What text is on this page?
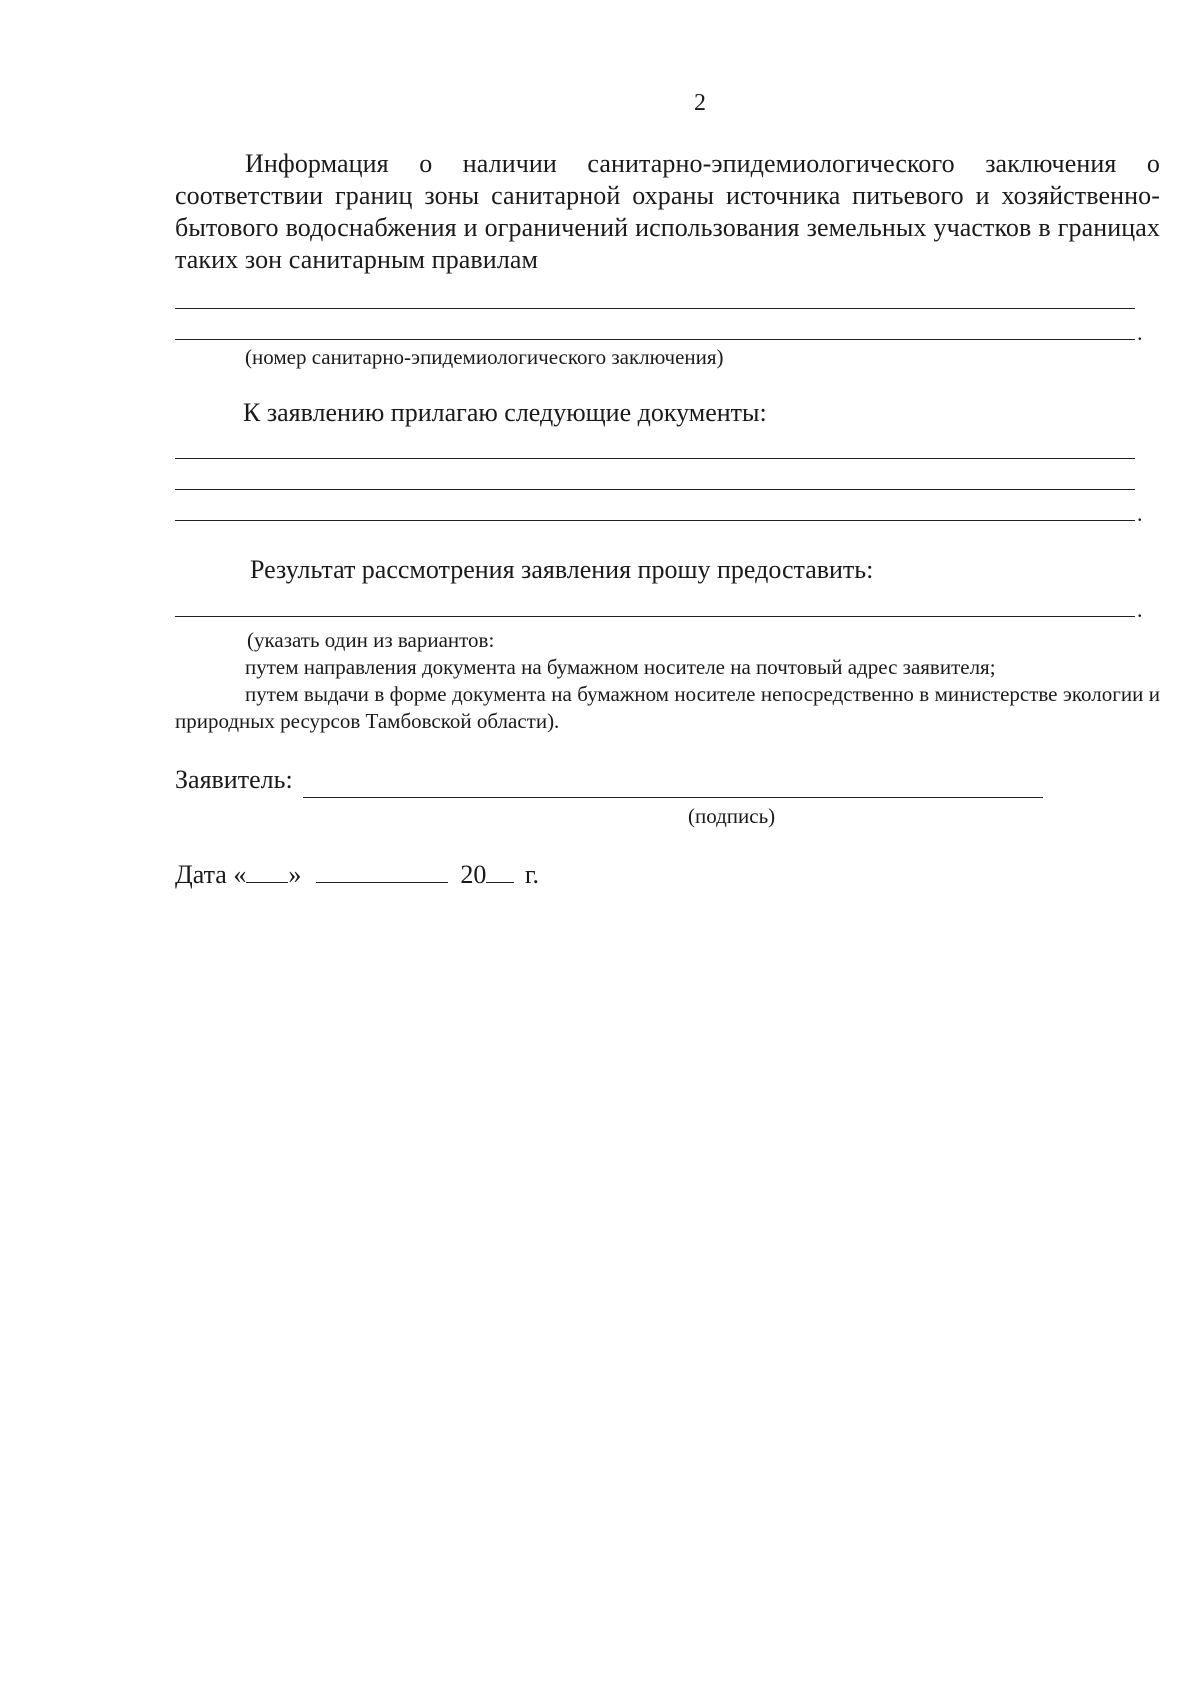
2

Информация о наличии санитарно-эпидемиологического заключения о соответствии границ зоны санитарной охраны источника питьевого и хозяйственно-бытового водоснабжения и ограничений использования земельных участков в границах таких зон санитарным правилам

.
(номер санитарно-эпидемиологического заключения)
К заявлению прилагаю следующие документы:
.
Результат рассмотрения заявления прошу предоставить:
.

(указать один из вариантов:

путем направления документа на бумажном носителе на почтовый адрес заявителя;

путем выдачи в форме документа на бумажном носителе непосредственно в министерстве экологии и природных ресурсов Тамбовской области).

Заявитель:
(подпись)
Дата « »	20 г.
